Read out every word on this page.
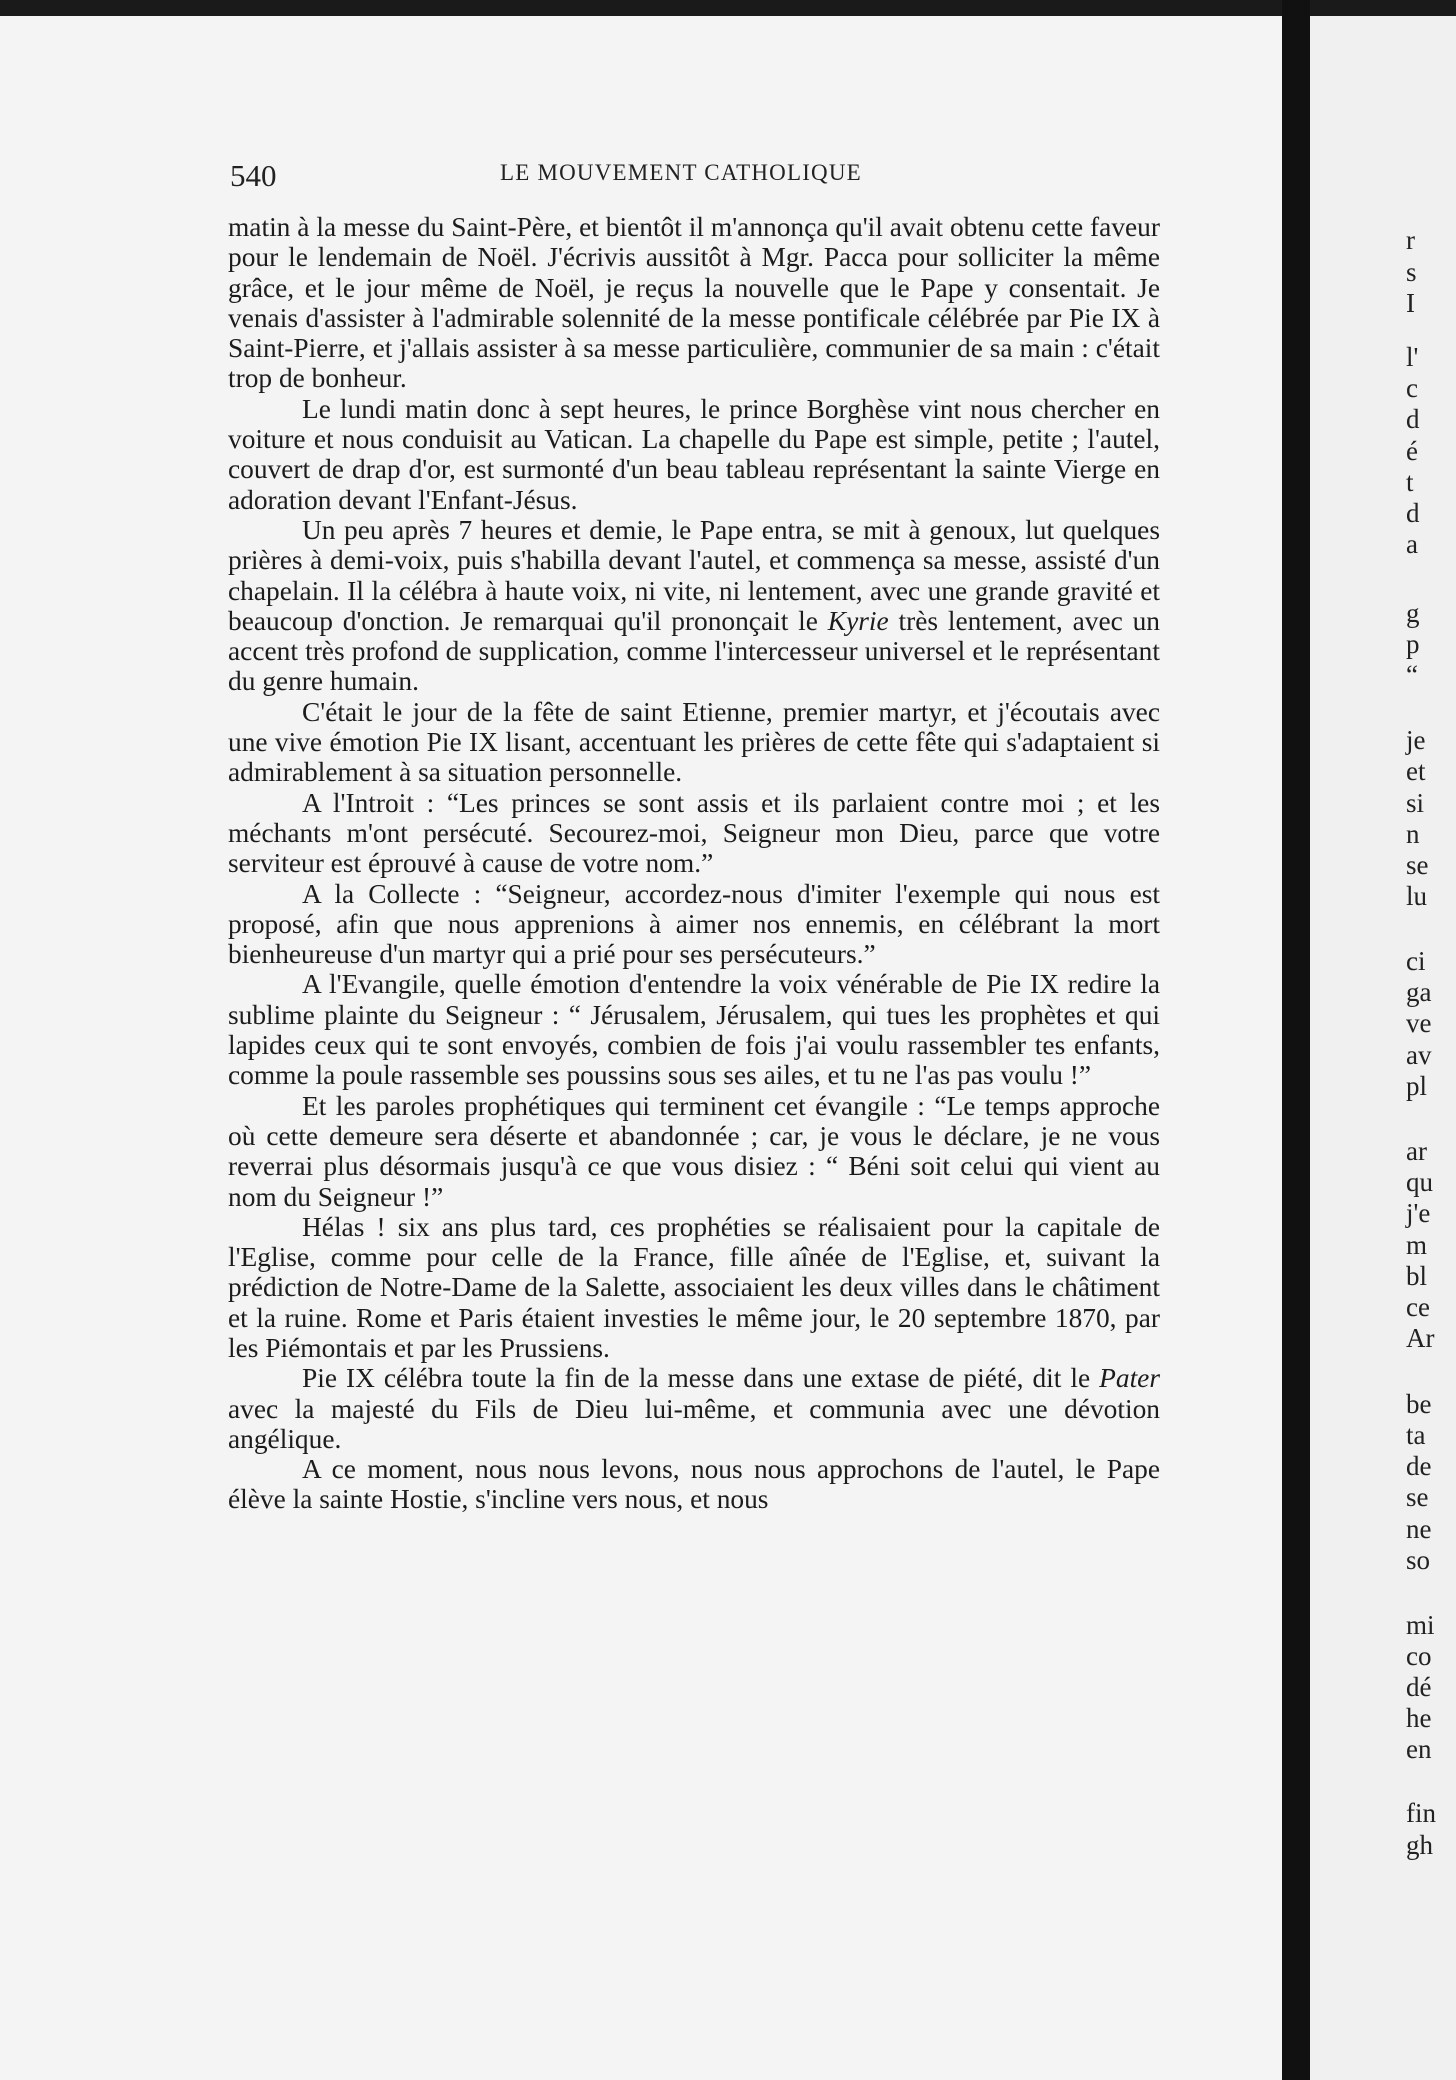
540	LE MOUVEMENT CATHOLIQUE

matin à la messe du Saint-Père, et bientôt il m'annonça qu'il avait obtenu cette faveur pour le lendemain de Noël. J'écrivis aussitôt à Mgr. Pacca pour solliciter la même grâce, et le jour même de Noël, je reçus la nouvelle que le Pape y consentait. Je venais d'assister à l'admirable solennité de la messe pontificale célébrée par Pie IX à Saint-Pierre, et j'allais assister à sa messe particulière, communier de sa main : c'était trop de bonheur.

Le lundi matin donc à sept heures, le prince Borghèse vint nous chercher en voiture et nous conduisit au Vatican. La chapelle du Pape est simple, petite ; l'autel, couvert de drap d'or, est surmonté d'un beau tableau représentant la sainte Vierge en adoration devant l'Enfant-Jésus.

Un peu après 7 heures et demie, le Pape entra, se mit à genoux, lut quelques prières à demi-voix, puis s'habilla devant l'autel, et commença sa messe, assisté d'un chapelain. Il la célébra à haute voix, ni vite, ni lentement, avec une grande gravité et beaucoup d'onction. Je remarquai qu'il prononçait le Kyrie très lentement, avec un accent très profond de supplication, comme l'intercesseur universel et le représentant du genre humain.

C'était le jour de la fête de saint Etienne, premier martyr, et j'écoutais avec une vive émotion Pie IX lisant, accentuant les prières de cette fête qui s'adaptaient si admirablement à sa situation personnelle.

A l'Introit : “Les princes se sont assis et ils parlaient contre moi ; et les méchants m'ont persécuté. Secourez-moi, Seigneur mon Dieu, parce que votre serviteur est éprouvé à cause de votre nom.”

A la Collecte : “Seigneur, accordez-nous d'imiter l'exemple qui nous est proposé, afin que nous apprenions à aimer nos ennemis, en célébrant la mort bienheureuse d'un martyr qui a prié pour ses persécuteurs.”

A l'Evangile, quelle émotion d'entendre la voix vénérable de Pie IX redire la sublime plainte du Seigneur : “ Jérusalem, Jérusalem, qui tues les prophètes et qui lapides ceux qui te sont envoyés, combien de fois j'ai voulu rassembler tes enfants, comme la poule rassemble ses poussins sous ses ailes, et tu ne l'as pas voulu !”

Et les paroles prophétiques qui terminent cet évangile : “Le temps approche où cette demeure sera déserte et abandonnée ; car, je vous le déclare, je ne vous reverrai plus désormais jusqu'à ce que vous disiez : “ Béni soit celui qui vient au nom du Seigneur !”

Hélas ! six ans plus tard, ces prophéties se réalisaient pour la capitale de l'Eglise, comme pour celle de la France, fille aînée de l'Eglise, et, suivant la prédiction de Notre-Dame de la Salette, associaient les deux villes dans le châtiment et la ruine. Rome et Paris étaient investies le même jour, le 20 septembre 1870, par les Piémontais et par les Prussiens.

Pie IX célébra toute la fin de la messe dans une extase de piété, dit le Pater avec la majesté du Fils de Dieu lui-même, et communia avec une dévotion angélique.

A ce moment, nous nous levons, nous nous approchons de l'autel, le Pape élève la sainte Hostie, s'incline vers nous, et nous

r
s
I
l'
c
d
é
t
d
a
g
p
“
je
et
si
n
se
lu
ci
ga
ve
av
pl
ar
qu
j'e
m
bl
ce
Ar
be
ta
de
se
ne
so
mi
co
dé
he
en
fin
gh
